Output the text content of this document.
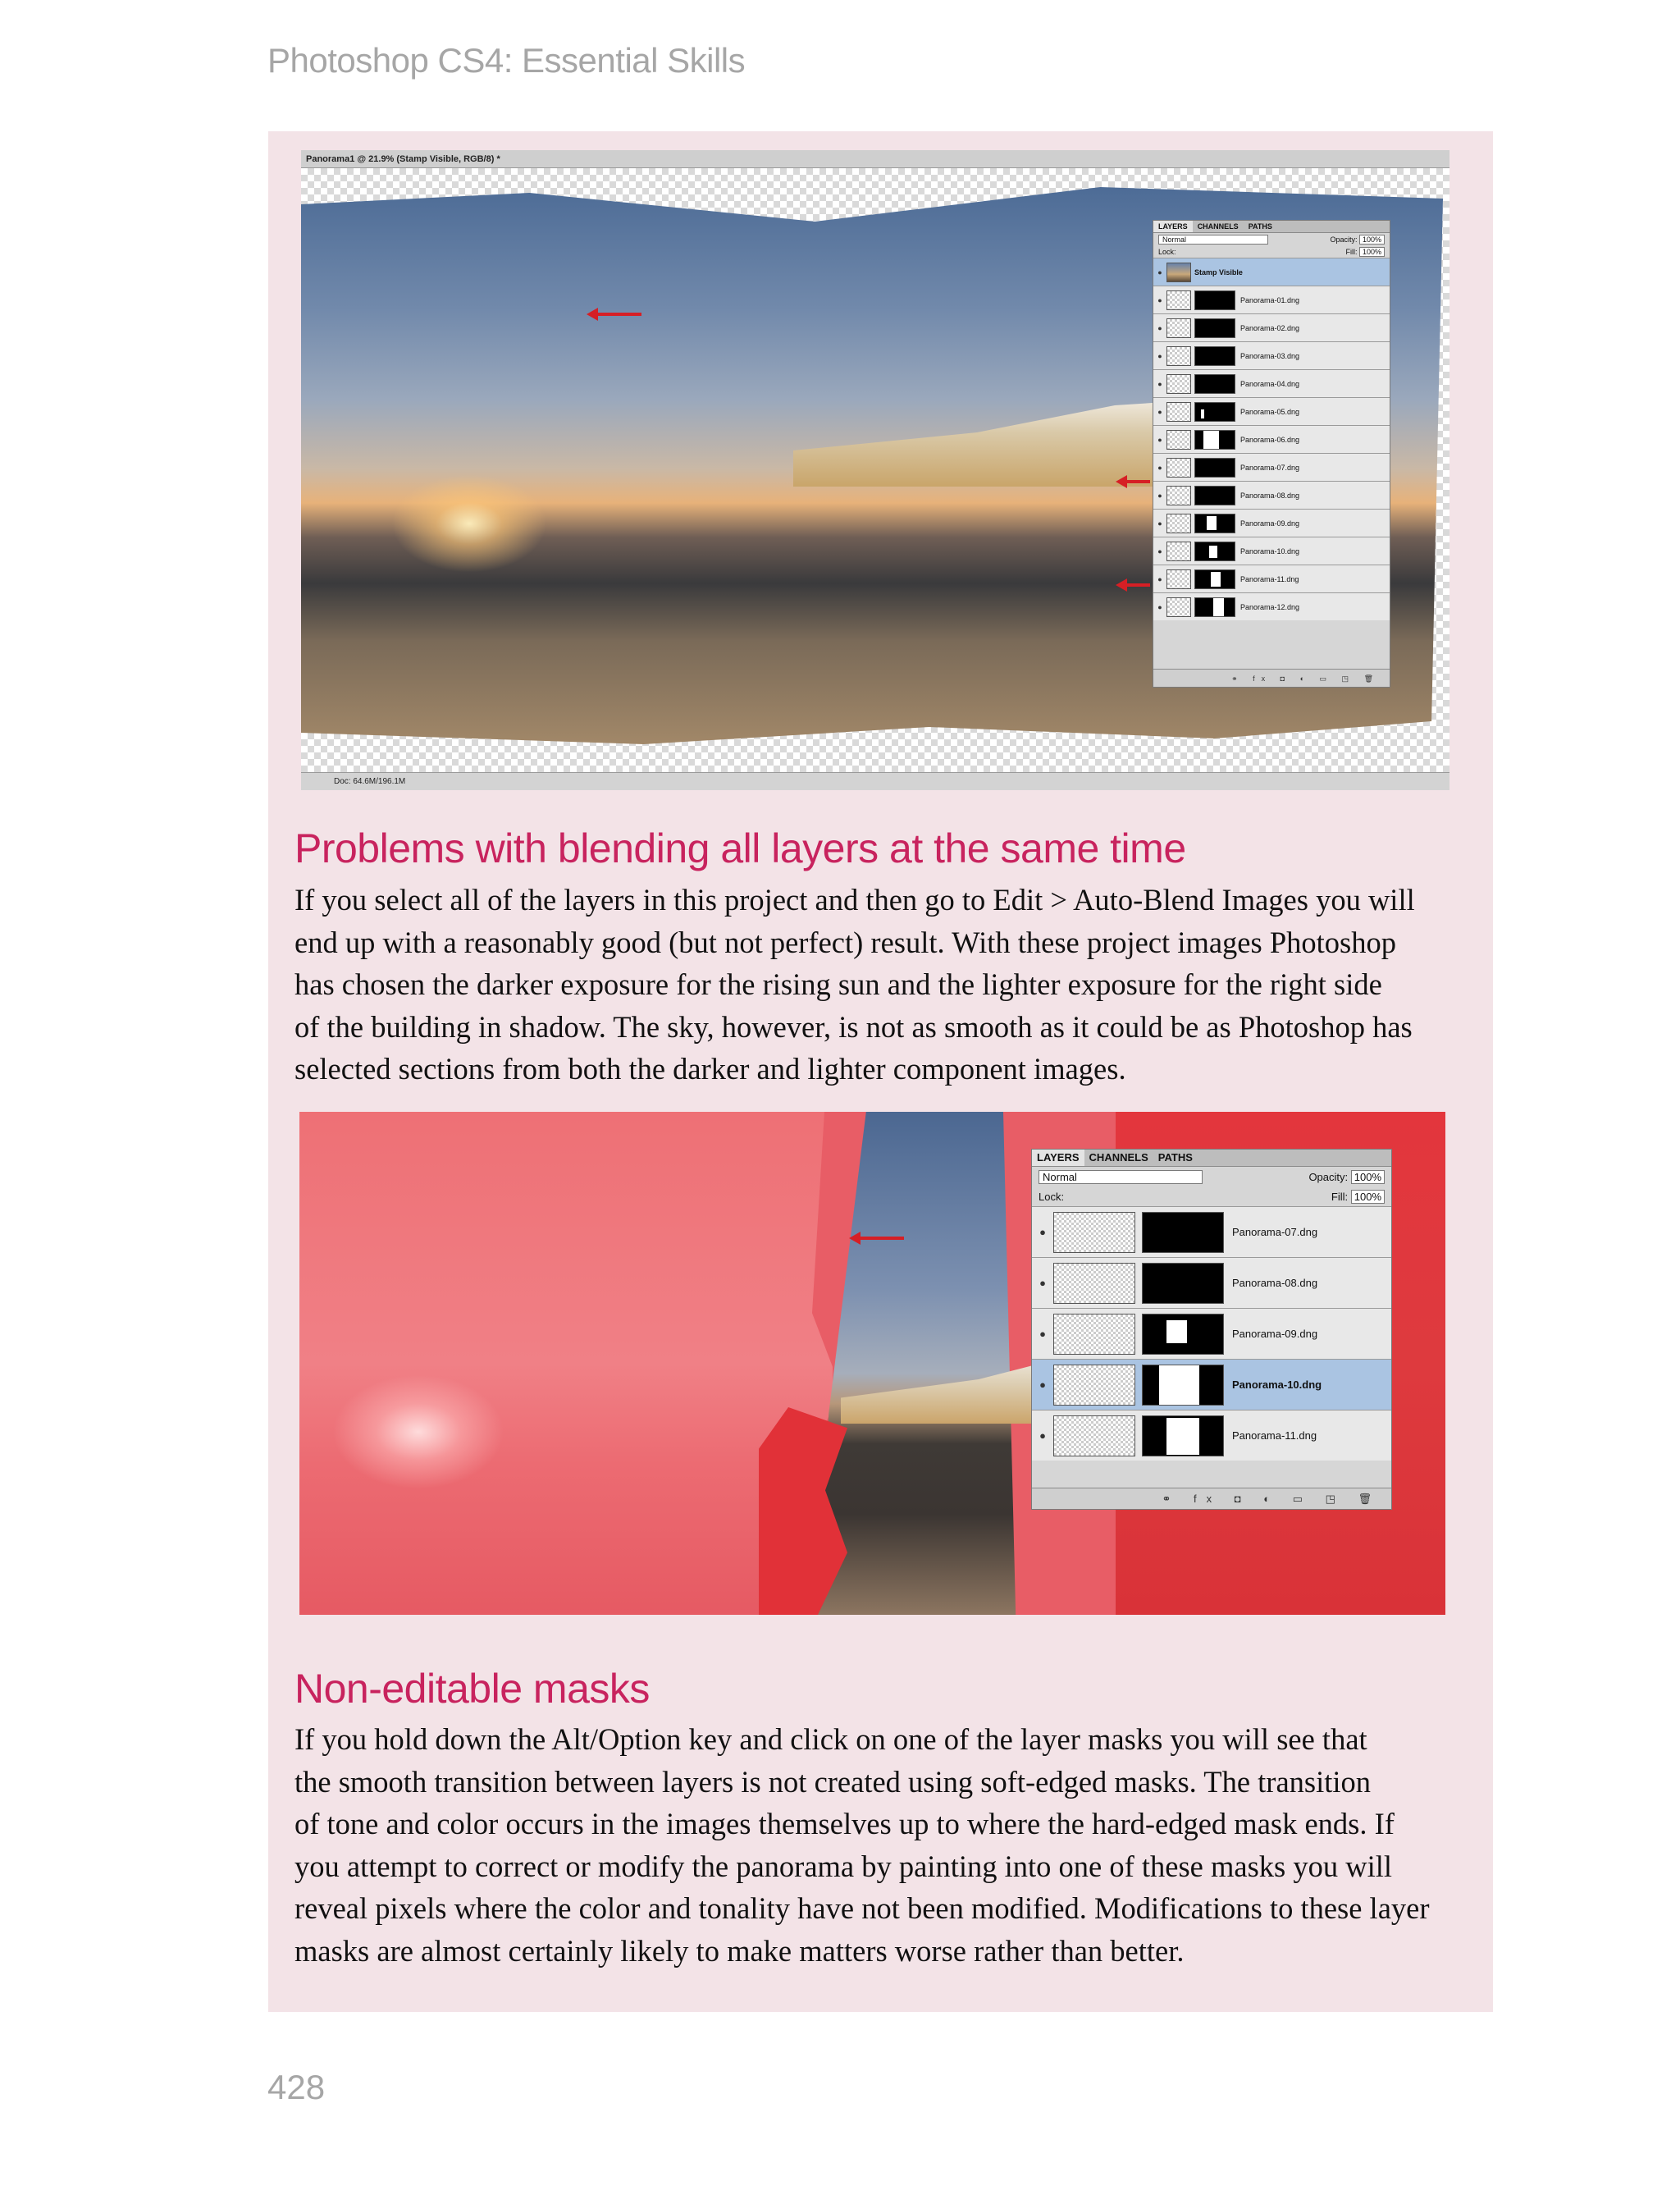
Photoshop CS4: Essential Skills
Panorama1 @ 21.9% (Stamp Visible, RGB/8) *
LAYERS	CHANNELS	PATHS
Normal	Opacity: 100%
Lock:	Fill: 100%
●	Stamp Visible
●	Panorama-01.dng
●	Panorama-02.dng
●	Panorama-03.dng
●	Panorama-04.dng
●	Panorama-05.dng
●	Panorama-06.dng
●	Panorama-07.dng
●	Panorama-08.dng
●	Panorama-09.dng
●	Panorama-10.dng
●	Panorama-11.dng
●	Panorama-12.dng
⚭ fx ◘ ◐ ▭ ◳ 🗑
Doc: 64.6M/196.1M
Problems with blending all layers at the same time
If you select all of the layers in this project and then go to Edit > Auto-Blend Images you will
end up with a reasonably good (but not perfect) result. With these project images Photoshop
has chosen the darker exposure for the rising sun and the lighter exposure for the right side
of the building in shadow. The sky, however, is not as smooth as it could be as Photoshop has
selected sections from both the darker and lighter component images.
LAYERS CHANNELS PATHS
Normal	Opacity: 100%
Lock:	Fill: 100%
●	Panorama-07.dng
●	Panorama-08.dng
●	Panorama-09.dng
●	Panorama-10.dng
●	Panorama-11.dng
⚭ fx ◘ ◐ ▭ ◳ 🗑
Non-editable masks
If you hold down the Alt/Option key and click on one of the layer masks you will see that
the smooth transition between layers is not created using soft-edged masks. The transition
of tone and color occurs in the images themselves up to where the hard-edged mask ends. If
you attempt to correct or modify the panorama by painting into one of these masks you will
reveal pixels where the color and tonality have not been modified. Modifications to these layer
masks are almost certainly likely to make matters worse rather than better.
428
